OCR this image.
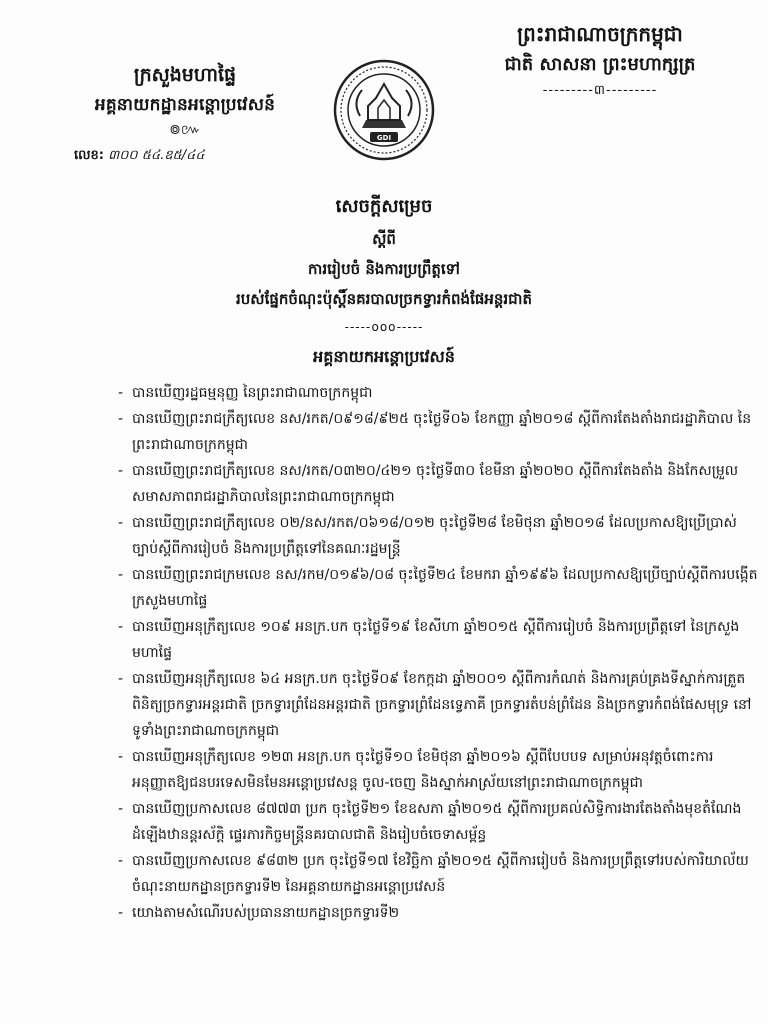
ក្រសួងមហាផ្ទៃ
អគ្គនាយកដ្ឋានអន្តោប្រវេសន៍
៙៚
លេខ: ៣០០ ៥៤.ឧ៥/៤៤
GDI
ព្រះរាជាណាចក្រកម្ពុជា
ជាតិ សាសនា ព្រះមហាក្សត្រ
---------៣---------
សេចក្តីសម្រេច
ស្តីពី
ការរៀបចំ និងការប្រព្រឹត្តទៅ
របស់ផ្នែកចំណុះប៉ុស្តិ៍នគរបាលច្រកទ្វារកំពង់ផែអន្តរជាតិ
-----ooo-----
អគ្គនាយកអន្តោប្រវេសន៍
- បានឃើញរដ្ឋធម្មនុញ្ញ នៃព្រះរាជាណាចក្រកម្ពុជា
- បានឃើញព្រះរាជក្រឹត្យលេខ នស/រកត/០៩១៨/៩២៥ ចុះថ្ងៃទី០៦ ខែកញ្ញា ឆ្នាំ២០១៨ ស្តីពីការតែងតាំងរាជរដ្ឋាភិបាល នៃព្រះរាជាណាចក្រកម្ពុជា
- បានឃើញព្រះរាជក្រឹត្យលេខ នស/រកត/០៣២០/៤២១ ចុះថ្ងៃទី៣០ ខែមីនា ឆ្នាំ២០២០ ស្តីពីការតែងតាំង និងកែសម្រួលសមាសភាពរាជរដ្ឋាភិបាលនៃព្រះរាជាណាចក្រកម្ពុជា
- បានឃើញព្រះរាជក្រឹត្យលេខ ០២/នស/រកត/០៦១៨/០១២ ចុះថ្ងៃទី២៨ ខែមិថុនា ឆ្នាំ២០១៨ ដែលប្រកាសឱ្យប្រើប្រាស់ច្បាប់ស្តីពីការរៀបចំ និងការប្រព្រឹត្តទៅនៃគណៈរដ្ឋមន្ត្រី
- បានឃើញព្រះរាជក្រមលេខ នស/រកម/០១៩៦/០៨ ចុះថ្ងៃទី២៤ ខែមករា ឆ្នាំ១៩៩៦ ដែលប្រកាសឱ្យប្រើច្បាប់ស្តីពីការបង្កើតក្រសួងមហាផ្ទៃ
- បានឃើញអនុក្រឹត្យលេខ ១០៩ អនក្រ.បក ចុះថ្ងៃទី១៩ ខែសីហា ឆ្នាំ២០១៥ ស្តីពីការរៀបចំ និងការប្រព្រឹត្តទៅ នៃក្រសួងមហាផ្ទៃ
- បានឃើញអនុក្រឹត្យលេខ ៦៤ អនក្រ.បក ចុះថ្ងៃទី០៩ ខែកក្កដា ឆ្នាំ២០០១ ស្តីពីការកំណត់ និងការគ្រប់គ្រងទីស្នាក់ការត្រួតពិនិត្យច្រកទ្វារអន្តរជាតិ ច្រកទ្វារព្រំដែនអន្តរជាតិ ច្រកទ្វារព្រំដែនទ្វេភាគី ច្រកទ្វារតំបន់ព្រំដែន និងច្រកទ្វារកំពង់ផែសមុទ្រ នៅទូទាំងព្រះរាជាណាចក្រកម្ពុជា
- បានឃើញអនុក្រឹត្យលេខ ១២៣ អនក្រ.បក ចុះថ្ងៃទី១០ ខែមិថុនា ឆ្នាំ២០១៦ ស្តីពីបែបបទ សម្រាប់អនុវត្តចំពោះការអនុញ្ញាតឱ្យជនបរទេសមិនមែនអន្តោប្រវេសន្ត ចូល-ចេញ និងស្នាក់អាស្រ័យនៅព្រះរាជាណាចក្រកម្ពុជា
- បានឃើញប្រកាសលេខ ៨៧៧៣ ប្រក ចុះថ្ងៃទី២១ ខែឧសភា ឆ្នាំ២០១៥ ស្តីពីការប្រគល់សិទ្ធិការងារតែងតាំងមុខតំណែង ដំឡើងឋានន្តរស័ក្តិ ផ្ទេរភារកិច្ចមន្ត្រីនគរបាលជាតិ និងរៀបចំចេទាសម្ព័ន្ធ
- បានឃើញប្រកាសលេខ ៩៨៣២ ប្រក ចុះថ្ងៃទី១៧ ខែវិច្ឆិកា ឆ្នាំ២០១៥ ស្តីពីការរៀបចំ និងការប្រព្រឹត្តទៅរបស់ការិយាល័យចំណុះនាយកដ្ឋានច្រកទ្វារទី២ នៃអគ្គនាយកដ្ឋានអន្តោប្រវេសន៍
- យោងតាមសំណើរបស់ប្រធាននាយកដ្ឋានច្រកទ្វារទី២
